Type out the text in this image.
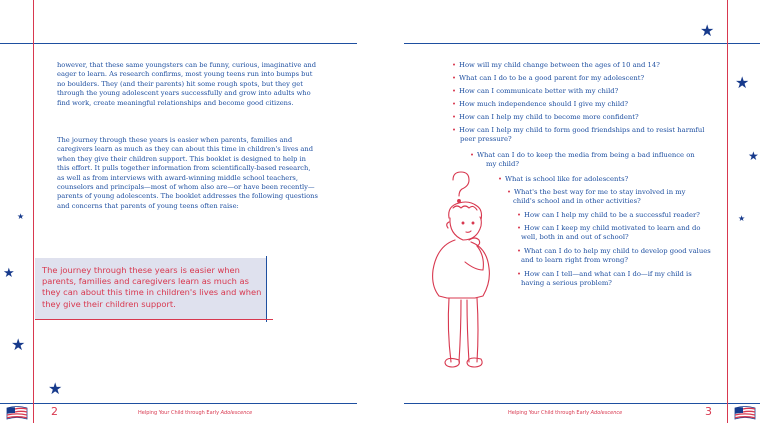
★
★
★
★
★
★
★
★

however, that these same youngsters can be funny, curious, imaginative and eager to learn. As research confirms, most young teens run into bumps but no boulders. They (and their parents) hit some rough spots, but they get through the young adolescent years successfully and grow into adults who find work, create meaningful relationships and become good citizens.

The journey through these years is easier when parents, families and caregivers learn as much as they can about this time in children's lives and when they give their children support. This booklet is designed to help in this effort. It pulls together information from scientifically-based research, as well as from interviews with award-winning middle school teachers, counselors and principals—most of whom also are—or have been recently—parents of young adolescents. The booklet addresses the following questions and concerns that parents of young teens often raise:

The journey through these years is easier when parents, families and caregivers learn as much as they can about this time in children's lives and when they give their children support.
2	Helping Your Child through Early Adolescence

• How will my child change between the ages of 10 and 14?

• What can I do to be a good parent for my adolescent?

• How can I communicate better with my child?

• How much independence should I give my child?

• How can I help my child to become more confident?

• How can I help my child to form good friendships and to resist harmful peer pressure?

• What can I do to keep the media from being a bad influence on my child?

• What is school like for adolescents?

• What's the best way for me to stay involved in my child's school and in other activities?

• How can I help my child to be a successful reader?

• How can I keep my child motivated to learn and do well, both in and out of school?

• What can I do to help my child to develop good values and to learn right from wrong?

• How can I tell—and what can I do—if my child is having a serious problem?

Helping Your Child through Early Adolescence	3
